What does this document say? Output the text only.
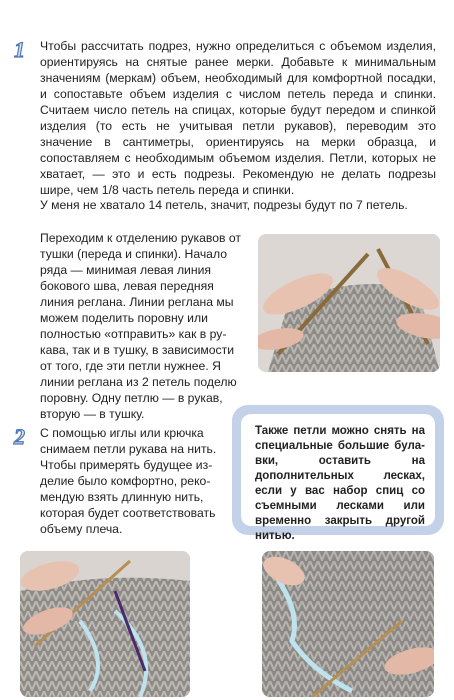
1 Чтобы рассчитать подрез, нужно определиться с объемом изделия, ориентируясь на снятые ранее мерки. Добавьте к минимальным значениям (меркам) объем, необходимый для комфортной посадки, и сопоставьте объем изделия с числом петель переда и спинки. Считаем число петель на спицах, которые будут передом и спинкой изделия (то есть не учитывая петли рукавов), переводим это значение в сантиметры, ориентируясь на мерки образца, и сопоставляем с необходимым объемом изделия. Петли, которых не хватает, — это и есть подрезы. Рекомендую не делать подрезы шире, чем 1/8 часть петель переда и спинки.
У меня не хватало 14 петель, значит, подрезы будут по 7 петель.
Переходим к отделению рукавов от тушки (переда и спинки). Начало ряда — минимая левая линия бокового шва, левая передняя линия реглана. Линии реглана мы можем поделить поровну или полностью «отправить» как в рукава, так и в тушку, в зависимости от того, где эти петли нужнее. Я линии реглана из 2 петель поделю поровну. Одну петлю — в рукав, вторую — в тушку.
2 С помощью иглы или крючка снимаем петли рукава на нить. Чтобы примерять будущее изделие было комфортно, рекомендую взять длинную нить, которая будет соответствовать объему плеча.
Также петли можно снять на специальные большие булавки, оставить на дополнительных лесках, если у вас набор спиц со съемными лесками или временно закрыть другой нитью.
